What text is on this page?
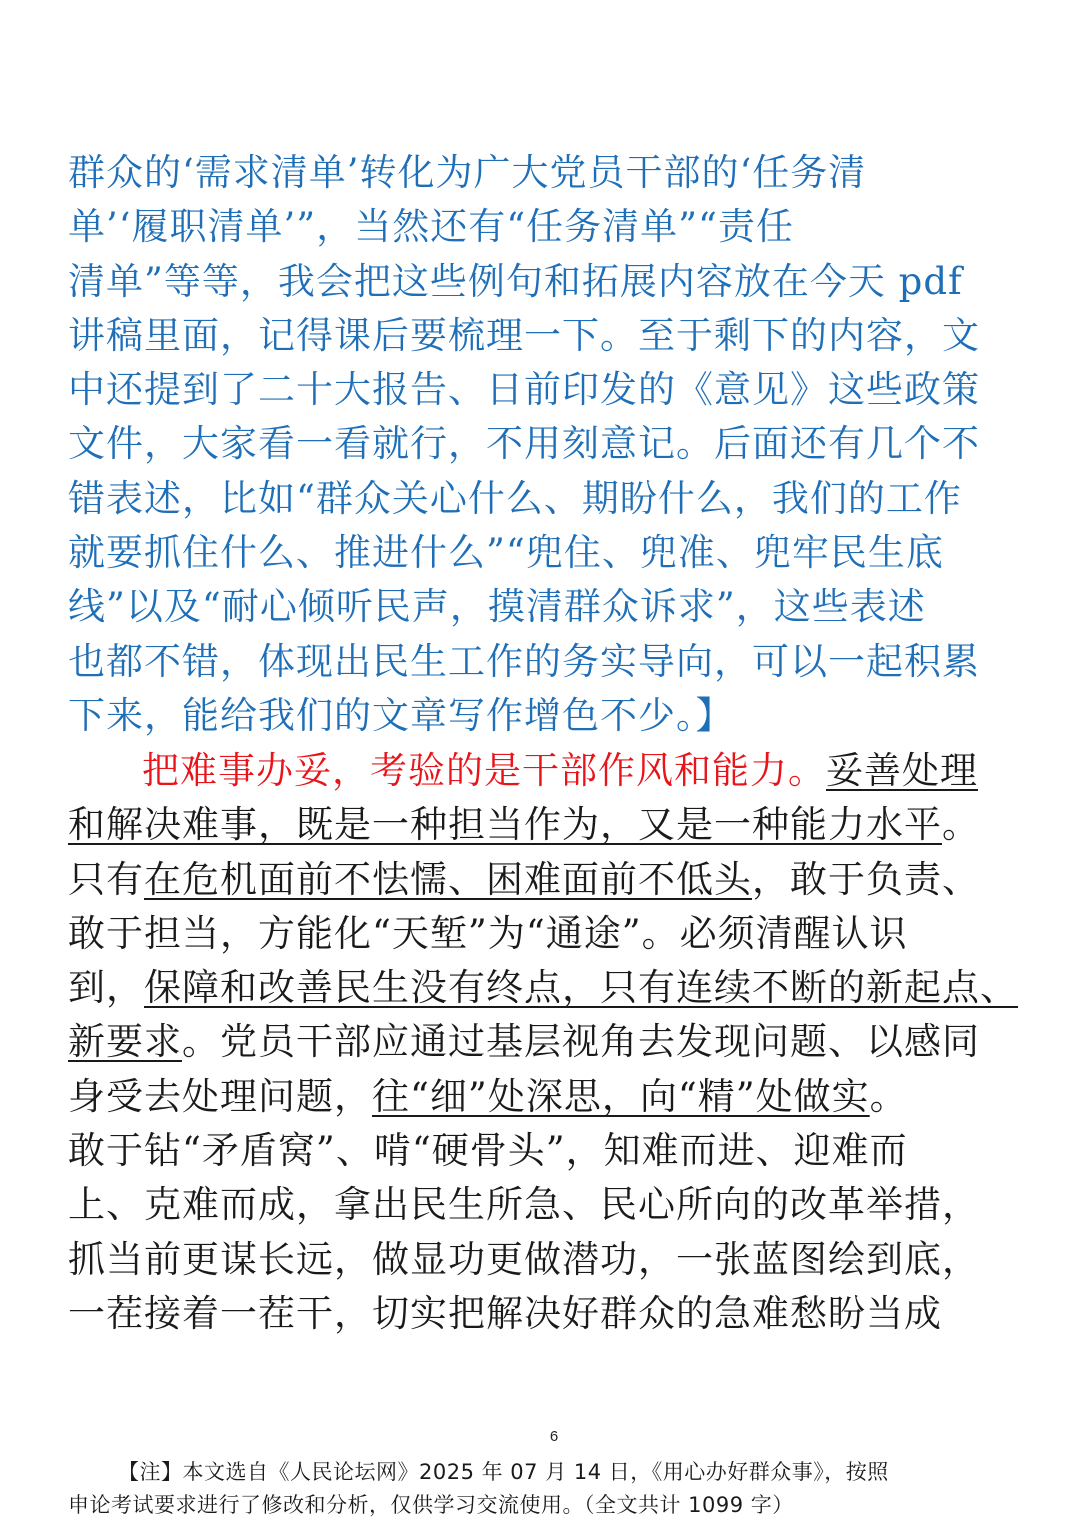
群众的‘需求清单’转化为广大党员干部的‘任务清
单’‘履职清单’”，当然还有“任务清单”“责任
清单”等等，我会把这些例句和拓展内容放在今天 pdf
讲稿里面，记得课后要梳理一下。至于剩下的内容，文
中还提到了二十大报告、日前印发的《意见》这些政策
文件，大家看一看就行，不用刻意记。后面还有几个不
错表述，比如“群众关心什么、期盼什么，我们的工作
就要抓住什么、推进什么”“兜住、兜准、兜牢民生底
线”以及“耐心倾听民声，摸清群众诉求”，这些表述
也都不错，体现出民生工作的务实导向，可以一起积累
下来，能给我们的文章写作增色不少。】
把难事办妥，考验的是干部作风和能力。妥善处理
和解决难事，既是一种担当作为，又是一种能力水平。
只有在危机面前不怯懦、困难面前不低头，敢于负责、
敢于担当，方能化“天堑”为“通途”。必须清醒认识
到，保障和改善民生没有终点，只有连续不断的新起点、
新要求。党员干部应通过基层视角去发现问题、以感同
身受去处理问题，往“细”处深思，向“精”处做实。
敢于钻“矛盾窝”、啃“硬骨头”，知难而进、迎难而
上、克难而成，拿出民生所急、民心所向的改革举措，
抓当前更谋长远，做显功更做潜功，一张蓝图绘到底，
一茬接着一茬干，切实把解决好群众的急难愁盼当成
6
【注】本文选自《人民论坛网》2025 年 07 月 14 日，《用心办好群众事》，按照
申论考试要求进行了修改和分析，仅供学习交流使用。（全文共计 1099 字）
